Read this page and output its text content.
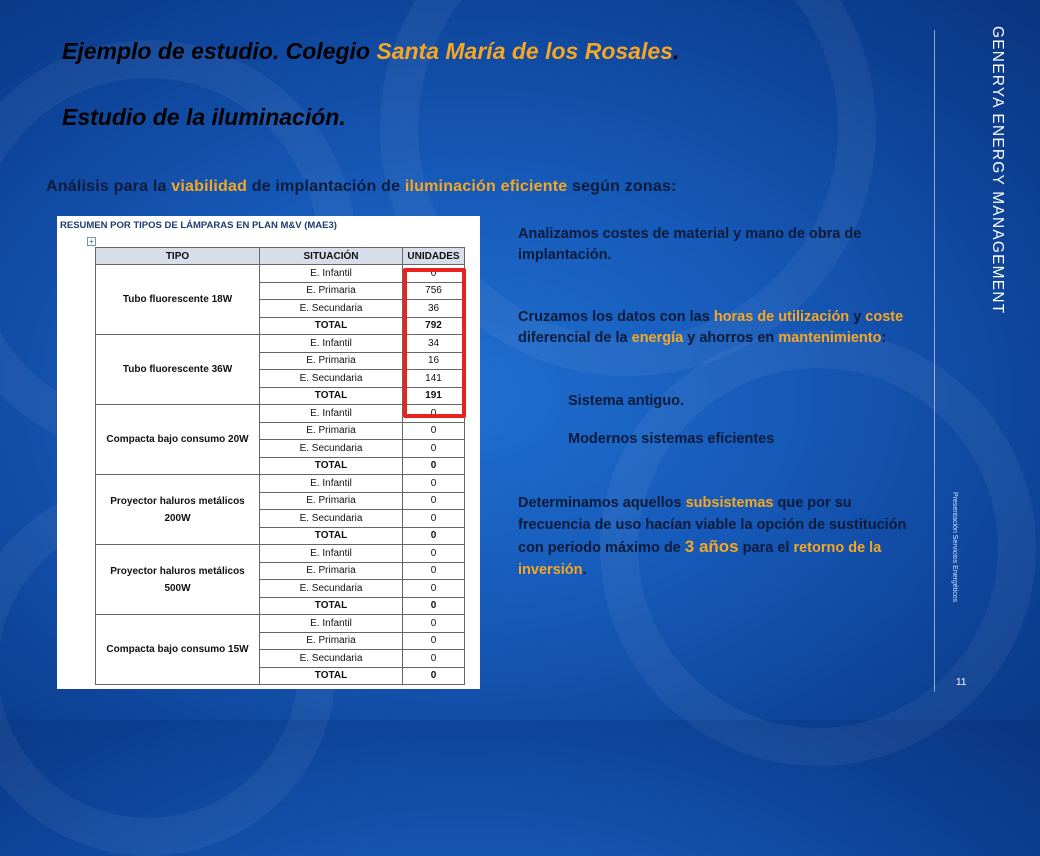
Ejemplo de estudio. Colegio Santa María de los Rosales.
Estudio de la iluminación.
Análisis para la viabilidad de implantación de iluminación eficiente según zonas:
RESUMEN POR TIPOS DE LÁMPARAS EN PLAN M&V (MAE3)
+
TIPO	SITUACIÓN	UNIDADES
Tubo fluorescente 18W	E. Infantil	0
	E. Primaria	756
	E. Secundaria	36
	TOTAL	792
Tubo fluorescente 36W	E. Infantil	34
	E. Primaria	16
	E. Secundaria	141
	TOTAL	191
Compacta bajo consumo 20W	E. Infantil	0
	E. Primaria	0
	E. Secundaria	0
	TOTAL	0
Proyector haluros metálicos 200W	E. Infantil	0
	E. Primaria	0
	E. Secundaria	0
	TOTAL	0
Proyector haluros metálicos 500W	E. Infantil	0
	E. Primaria	0
	E. Secundaria	0
	TOTAL	0
Compacta bajo consumo 15W	E. Infantil	0
	E. Primaria	0
	E. Secundaria	0
	TOTAL	0

Analizamos costes de material y mano de obra de implantación.

Cruzamos los datos con las horas de utilización y coste diferencial de la energía y ahorros en mantenimiento:

Sistema antiguo.

Modernos sistemas eficientes

Determinamos aquellos subsistemas que por su frecuencia de uso hacían viable la opción de sustitución con periodo máximo de 3 años para el retorno de la inversión.

GENERYA ENERGY MANAGEMENT
Presentación Servicios Energéticos
11
